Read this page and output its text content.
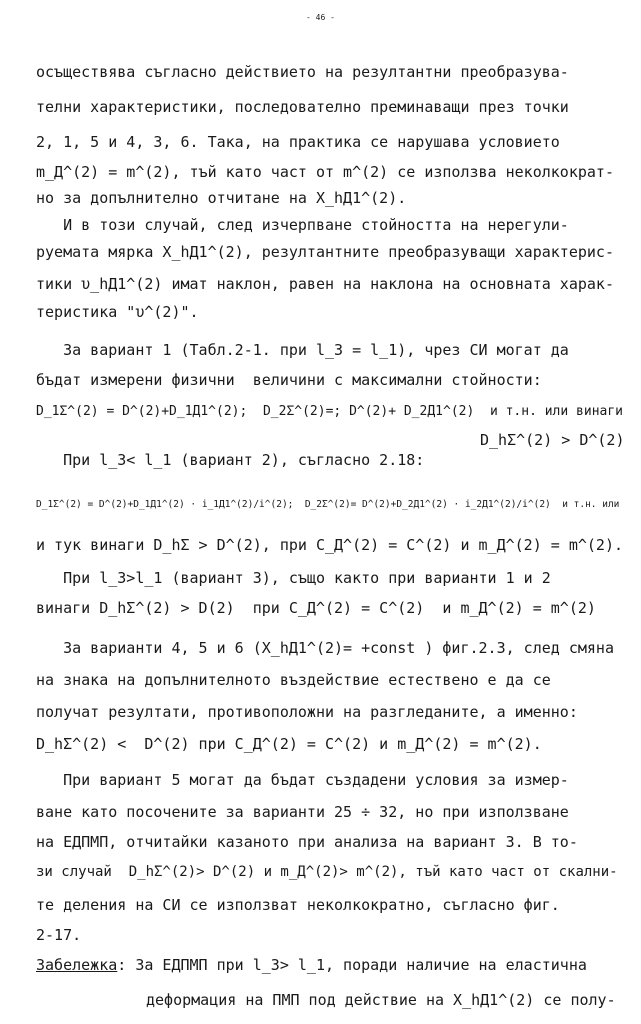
- 46 -
осъществява съгласно действието на резултантни преобразува-
телни характеристики, последователно преминаващи през точки
2, 1, 5 и 4, 3, 6. Така, на практика се нарушава условието
m_Д^(2) = m^(2), тъй като част от m^(2) се използва неколкократ-
но за допълнително отчитане на X_hД1^(2).
И в този случай, след изчерпване стойността на нерегули-
руемата мярка X_hД1^(2), резултантните преобразуващи характерис-
тики υ_hД1^(2) имат наклон, равен на наклона на основната харак-
теристика "υ^(2)".
За вариант 1 (Табл.2-1. при l_3 = l_1), чрез СИ могат да
бъдат измерени физични  величини с максимални стойности:
D_1Σ^(2) = D^(2)+D_1Д1^(2);  D_2Σ^(2)=; D^(2)+ D_2Д1^(2)  и т.н. или винаги
D_hΣ^(2) > D^(2)
При l_3< l_1 (вариант 2), съгласно 2.18:
D_1Σ^(2) = D^(2)+D_1Д1^(2) · i_1Д1^(2)/i^(2);  D_2Σ^(2)= D^(2)+D_2Д1^(2) · i_2Д1^(2)/i^(2)  и т.н. или
и тук винаги D_hΣ > D^(2), при C_Д^(2) = C^(2) и m_Д^(2) = m^(2).
При l_3>l_1 (вариант 3), също както при варианти 1 и 2
винаги D_hΣ^(2) > D(2)  при C_Д^(2) = C^(2)  и m_Д^(2) = m^(2)
За варианти 4, 5 и 6 (X_hД1^(2)= +const ) фиг.2.3, след смяна
на знака на допълнителното въздействие естествено е да се
получат резултати, противоположни на разгледаните, а именно:
D_hΣ^(2) <  D^(2) при C_Д^(2) = C^(2) и m_Д^(2) = m^(2).
При вариант 5 могат да бъдат създадени условия за измер-
ване като посочените за варианти 25 ÷ 32, но при използване
на ЕДПМП, отчитайки казаното при анализа на вариант 3. В то-
зи случай  D_hΣ^(2)> D^(2) и m_Д^(2)> m^(2), тъй като част от скални-
те деления на СИ се използват неколкократно, съгласно фиг.
2-17.
Забележка: За ЕДПМП при l_3> l_1, поради наличие на еластична
деформация на ПМП под действие на X_hД1^(2) се полу-
